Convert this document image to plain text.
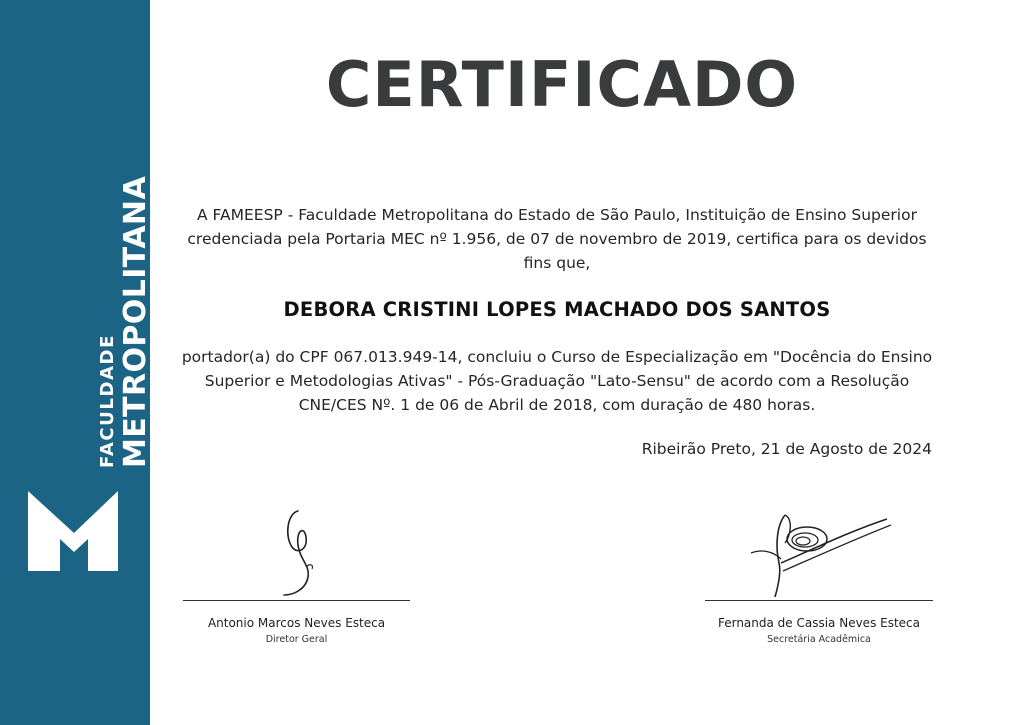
FACULDADE METROPOLITANA
CERTIFICADO

A FAMEESP - Faculdade Metropolitana do Estado de São Paulo, Instituição de Ensino Superior credenciada pela Portaria MEC nº 1.956, de 07 de novembro de 2019, certifica para os devidos fins que,

DEBORA CRISTINI LOPES MACHADO DOS SANTOS

portador(a) do CPF 067.013.949-14, concluiu o Curso de Especialização em "Docência do Ensino Superior e Metodologias Ativas" - Pós-Graduação "Lato-Sensu" de acordo com a Resolução CNE/CES Nº. 1 de 06 de Abril de 2018, com duração de 480 horas.

Ribeirão Preto, 21 de Agosto de 2024
Antonio Marcos Neves Esteca
Diretor Geral
Fernanda de Cassia Neves Esteca
Secretária Acadêmica
